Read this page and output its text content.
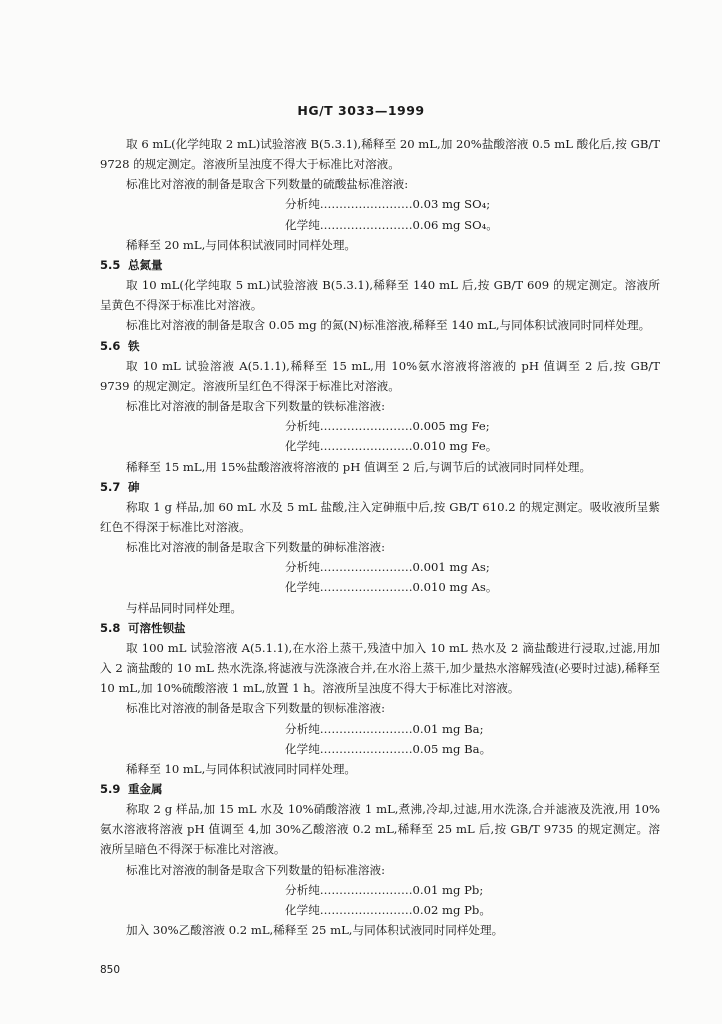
HG/T 3033—1999

取 6 mL(化学纯取 2 mL)试验溶液 B(5.3.1),稀释至 20 mL,加 20%盐酸溶液 0.5 mL 酸化后,按 GB/T 9728 的规定测定。溶液所呈浊度不得大于标准比对溶液。

标准比对溶液的制备是取含下列数量的硫酸盐标准溶液:

分析纯……………………0.03 mg SO₄;
化学纯……………………0.06 mg SO₄。

稀释至 20 mL,与同体积试液同时同样处理。

5.5 总氮量

取 10 mL(化学纯取 5 mL)试验溶液 B(5.3.1),稀释至 140 mL 后,按 GB/T 609 的规定测定。溶液所呈黄色不得深于标准比对溶液。

标准比对溶液的制备是取含 0.05 mg 的氮(N)标准溶液,稀释至 140 mL,与同体积试液同时同样处理。

5.6 铁

取 10 mL 试验溶液 A(5.1.1),稀释至 15 mL,用 10%氨水溶液将溶液的 pH 值调至 2 后,按 GB/T 9739 的规定测定。溶液所呈红色不得深于标准比对溶液。

标准比对溶液的制备是取含下列数量的铁标准溶液:

分析纯……………………0.005 mg Fe;
化学纯……………………0.010 mg Fe。

稀释至 15 mL,用 15%盐酸溶液将溶液的 pH 值调至 2 后,与调节后的试液同时同样处理。

5.7 砷

称取 1 g 样品,加 60 mL 水及 5 mL 盐酸,注入定砷瓶中后,按 GB/T 610.2 的规定测定。吸收液所呈紫红色不得深于标准比对溶液。

标准比对溶液的制备是取含下列数量的砷标准溶液:

分析纯……………………0.001 mg As;
化学纯……………………0.010 mg As。

与样品同时同样处理。

5.8 可溶性钡盐

取 100 mL 试验溶液 A(5.1.1),在水浴上蒸干,残渣中加入 10 mL 热水及 2 滴盐酸进行浸取,过滤,用加入 2 滴盐酸的 10 mL 热水洗涤,将滤液与洗涤液合并,在水浴上蒸干,加少量热水溶解残渣(必要时过滤),稀释至 10 mL,加 10%硫酸溶液 1 mL,放置 1 h。溶液所呈浊度不得大于标准比对溶液。

标准比对溶液的制备是取含下列数量的钡标准溶液:

分析纯……………………0.01 mg Ba;
化学纯……………………0.05 mg Ba。

稀释至 10 mL,与同体积试液同时同样处理。

5.9 重金属

称取 2 g 样品,加 15 mL 水及 10%硝酸溶液 1 mL,煮沸,冷却,过滤,用水洗涤,合并滤液及洗液,用 10%氨水溶液将溶液 pH 值调至 4,加 30%乙酸溶液 0.2 mL,稀释至 25 mL 后,按 GB/T 9735 的规定测定。溶液所呈暗色不得深于标准比对溶液。

标准比对溶液的制备是取含下列数量的铅标准溶液:

分析纯……………………0.01 mg Pb;
化学纯……………………0.02 mg Pb。

加入 30%乙酸溶液 0.2 mL,稀释至 25 mL,与同体积试液同时同样处理。

850
